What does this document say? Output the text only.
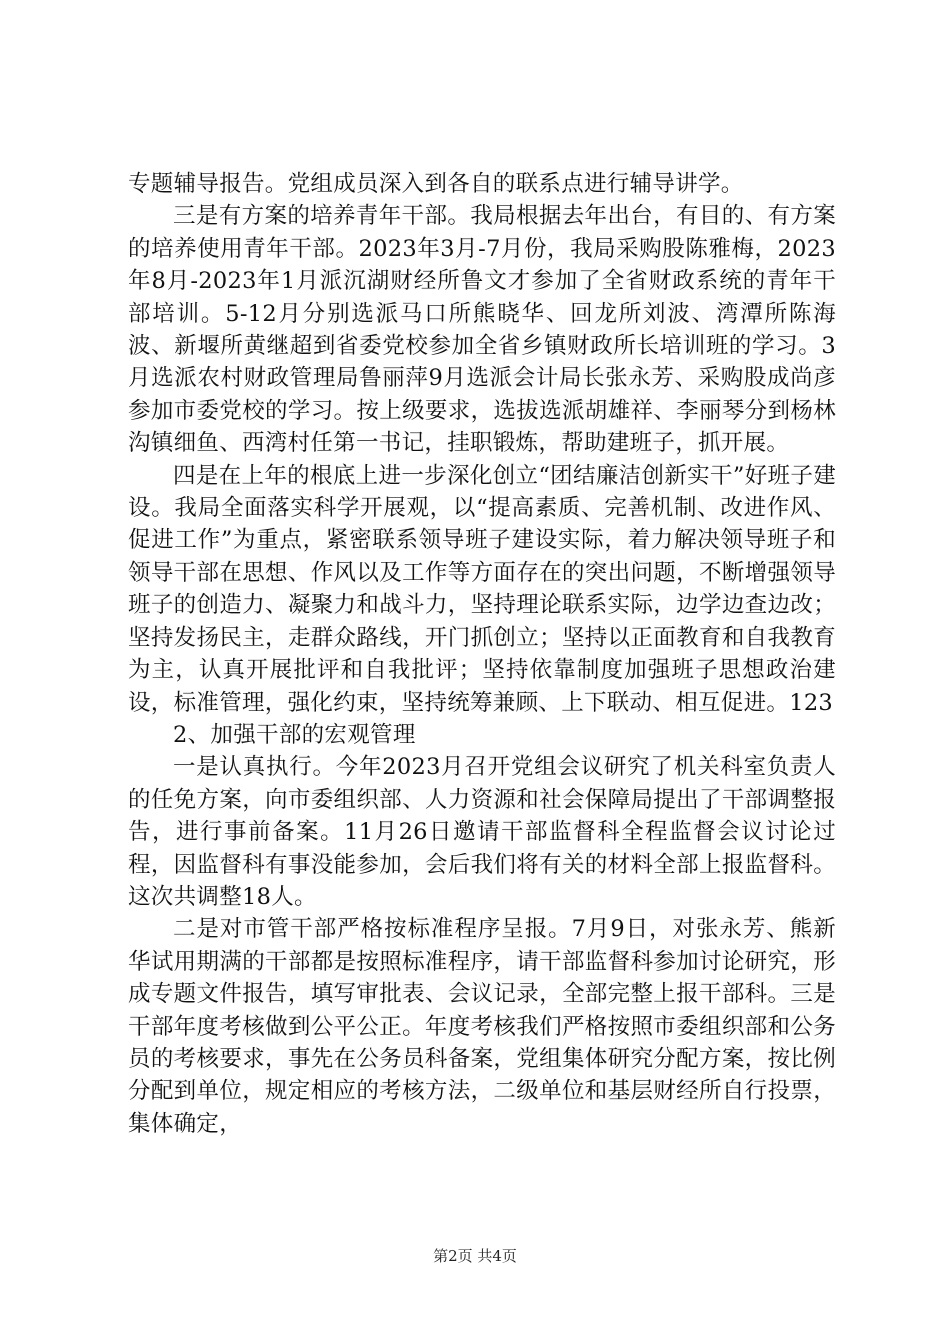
专题辅导报告。党组成员深入到各自的联系点进行辅导讲学。

三是有方案的培养青年干部。我局根据去年出台，有目的、有方案的培养使用青年干部。2023年3月-7月份，我局采购股陈雅梅，2023年8月-2023年1月派沉湖财经所鲁文才参加了全省财政系统的青年干部培训。5-12月分别选派马口所熊晓华、回龙所刘波、湾潭所陈海波、新堰所黄继超到省委党校参加全省乡镇财政所长培训班的学习。3月选派农村财政管理局鲁丽萍9月选派会计局长张永芳、采购股成尚彦参加市委党校的学习。按上级要求，选拔选派胡雄祥、李丽琴分到杨林沟镇细鱼、西湾村任第一书记，挂职锻炼，帮助建班子，抓开展。

四是在上年的根底上进一步深化创立“团结廉洁创新实干”好班子建设。我局全面落实科学开展观，以“提高素质、完善机制、改进作风、促进工作”为重点，紧密联系领导班子建设实际，着力解决领导班子和领导干部在思想、作风以及工作等方面存在的突出问题，不断增强领导班子的创造力、凝聚力和战斗力，坚持理论联系实际，边学边查边改；坚持发扬民主，走群众路线，开门抓创立；坚持以正面教育和自我教育为主，认真开展批评和自我批评；坚持依靠制度加强班子思想政治建设，标准管理，强化约束，坚持统筹兼顾、上下联动、相互促进。123

2、加强干部的宏观管理

一是认真执行。今年2023月召开党组会议研究了机关科室负责人的任免方案，向市委组织部、人力资源和社会保障局提出了干部调整报告，进行事前备案。11月26日邀请干部监督科全程监督会议讨论过程，因监督科有事没能参加，会后我们将有关的材料全部上报监督科。这次共调整18人。

二是对市管干部严格按标准程序呈报。7月9日，对张永芳、熊新华试用期满的干部都是按照标准程序，请干部监督科参加讨论研究，形成专题文件报告，填写审批表、会议记录，全部完整上报干部科。三是干部年度考核做到公平公正。年度考核我们严格按照市委组织部和公务员的考核要求，事先在公务员科备案，党组集体研究分配方案，按比例分配到单位，规定相应的考核方法，二级单位和基层财经所自行投票，集体确定，

第2页 共4页
